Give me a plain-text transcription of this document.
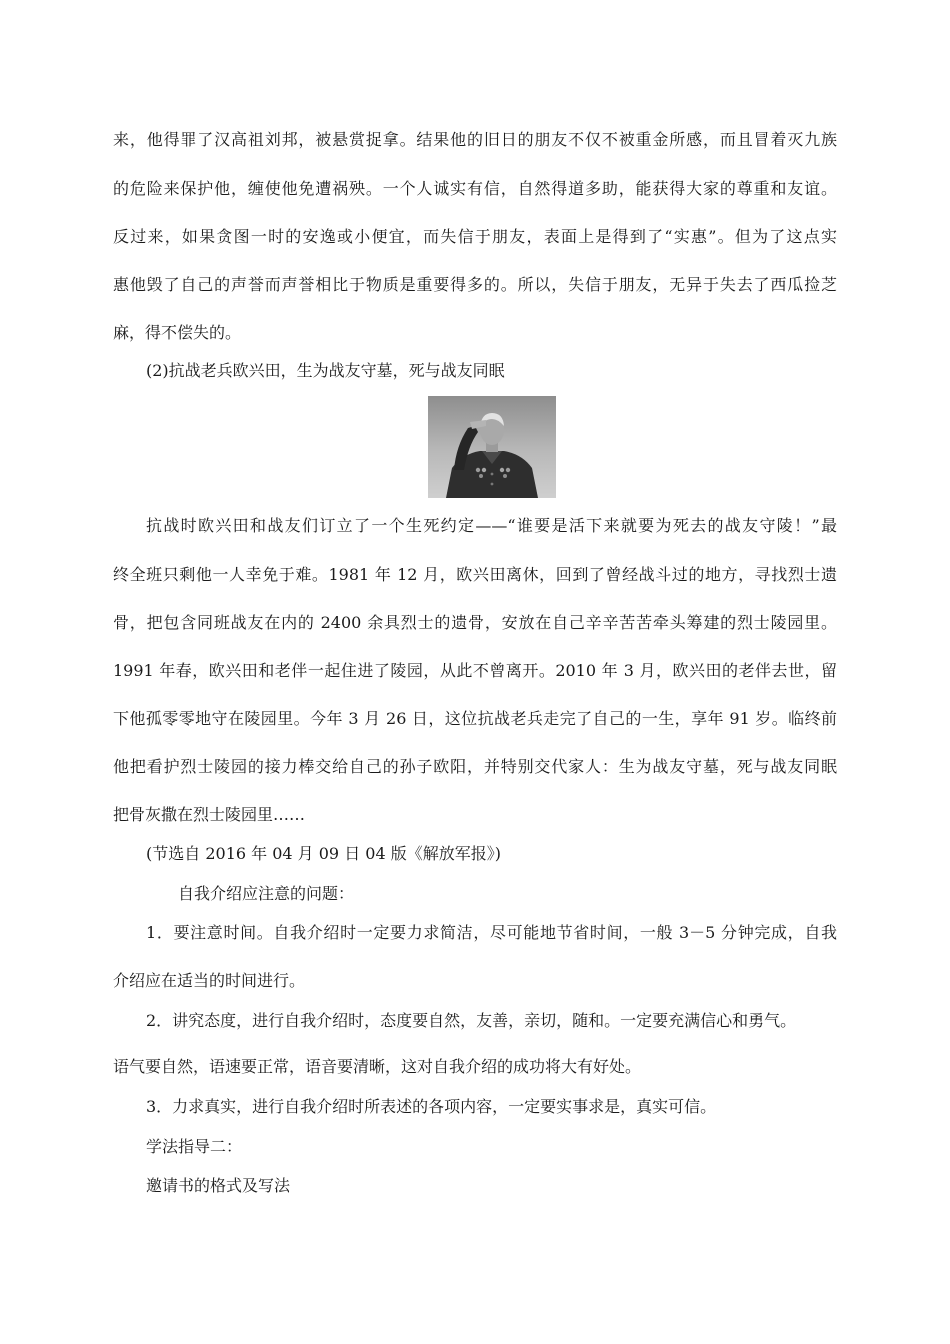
来，他得罪了汉高祖刘邦，被悬赏捉拿。结果他的旧日的朋友不仅不被重金所感，而且冒着灭九族
的危险来保护他，缠使他免遭祸殃。一个人诚实有信，自然得道多助，能获得大家的尊重和友谊。
反过来，如果贪图一时的安逸或小便宜，而失信于朋友，表面上是得到了“实惠”。但为了这点实
惠他毁了自己的声誉而声誉相比于物质是重要得多的。所以，失信于朋友，无异于失去了西瓜捡芝
麻，得不偿失的。
(2)抗战老兵欧兴田，生为战友守墓，死与战友同眠
抗战时欧兴田和战友们订立了一个生死约定——“谁要是活下来就要为死去的战友守陵！”最
终全班只剩他一人幸免于难。1981 年 12 月，欧兴田离休，回到了曾经战斗过的地方，寻找烈士遗
骨，把包含同班战友在内的 2400 余具烈士的遗骨，安放在自己辛辛苦苦牵头筹建的烈士陵园里。
1991 年春，欧兴田和老伴一起住进了陵园，从此不曾离开。2010 年 3 月，欧兴田的老伴去世，留
下他孤零零地守在陵园里。今年 3 月 26 日，这位抗战老兵走完了自己的一生，享年 91 岁。临终前
他把看护烈士陵园的接力棒交给自己的孙子欧阳，并特别交代家人：生为战友守墓，死与战友同眠
把骨灰撒在烈士陵园里……
(节选自 2016 年 04 月 09 日 04 版《解放军报》)
自我介绍应注意的问题：
1．要注意时间。自我介绍时一定要力求简洁，尽可能地节省时间，一般 3－5 分钟完成，自我
介绍应在适当的时间进行。
2．讲究态度，进行自我介绍时，态度要自然，友善，亲切，随和。一定要充满信心和勇气。
语气要自然，语速要正常，语音要清晰，这对自我介绍的成功将大有好处。
3．力求真实，进行自我介绍时所表述的各项内容，一定要实事求是，真实可信。
学法指导二：
邀请书的格式及写法
